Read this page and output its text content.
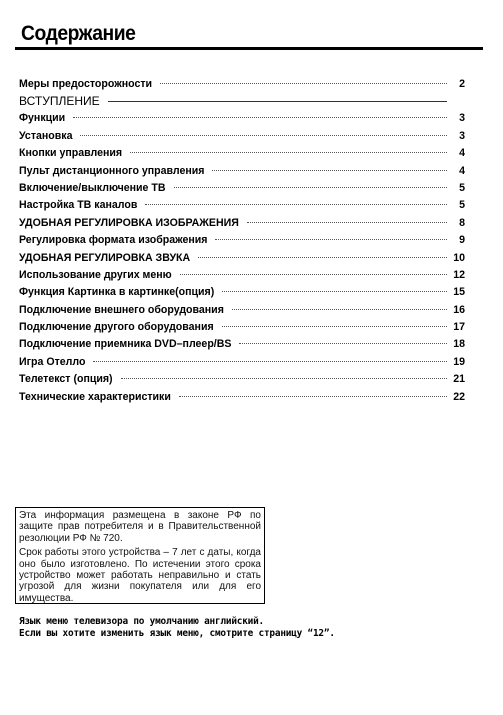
Содержание
Меры предосторожности	2
ВСТУПЛЕНИЕ
Функции	3
Установка	3
Кнопки управления	4
Пульт дистанционного управления	4
Включение/выключение ТВ	5
Настройка ТВ каналов	5
УДОБНАЯ РЕГУЛИРОВКА ИЗОБРАЖЕНИЯ	8
Регулировка формата изображения	9
УДОБНАЯ РЕГУЛИРОВКА ЗВУКА	10
Использование других меню	12
Функция Картинка в картинке(опция)	15
Подключение внешнего оборудования	16
Подключение другого оборудования	17
Подключение приемника DVD–плеер/BS	18
Игра Отелло	19
Телетекст (опция)	21
Технические характеристики	22

Эта информация размещена в законе РФ по защите прав потребителя и в Правительственной резолюции РФ № 720.

Срок работы этого устройства – 7 лет с даты, когда оно было изготовлено. По истечении этого срока устройство может работать неправильно и стать угрозой для жизни покупателя или для его имущества.

Язык меню телевизора по умолчанию английский.
Если вы хотите изменить язык меню, смотрите страницу “12”.
